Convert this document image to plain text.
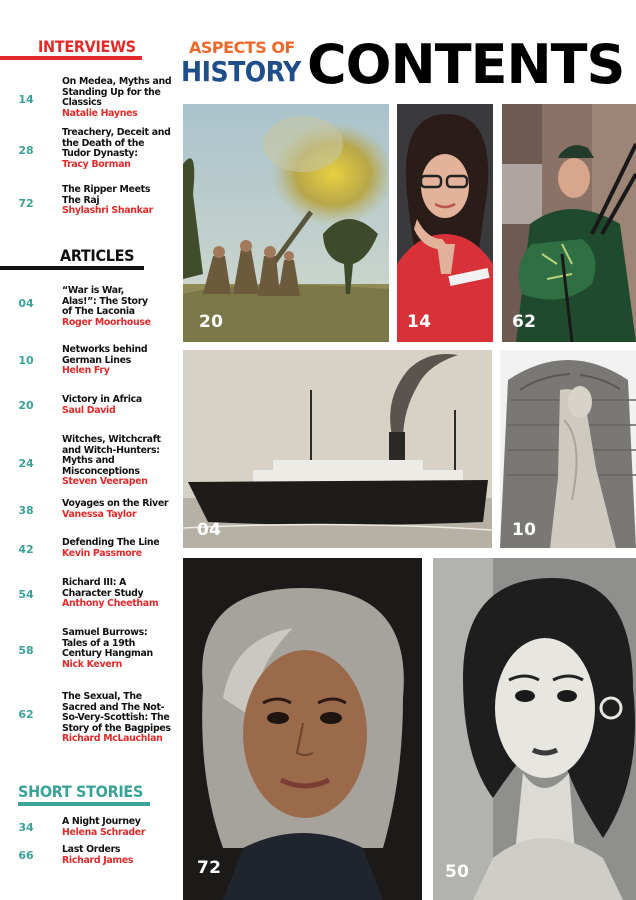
INTERVIEWS
14
On Medea, Myths and Standing Up for the Classics
Natalie Haynes
28
Treachery, Deceit and the Death of the Tudor Dynasty:
Tracy Borman
72
The Ripper Meets The Raj
Shylashri Shankar
ARTICLES
04
“War is War, Alas!”: The Story of The Laconia
Roger Moorhouse
10
Networks behind German Lines
Helen Fry
20	Victory in Africa
Saul David
24
Witches, Witchcraft and Witch-Hunters: Myths and Misconceptions
Steven Veerapen
38
Voyages on the River
Vanessa Taylor
42
Defending The Line
Kevin Passmore
54
Richard III: A Character Study
Anthony Cheetham
58
Samuel Burrows: Tales of a 19th Century Hangman
Nick Kevern
62
The Sexual, The Sacred and The Not-So-Very-Scottish: The Story of the Bagpipes
Richard McLauchlan
SHORT STORIES
34	A Night Journey
Helena Schrader
66	Last Orders
Richard James
ASPECTS OF
HISTORY CONTENTS
20	14	62
04	10
72	50
